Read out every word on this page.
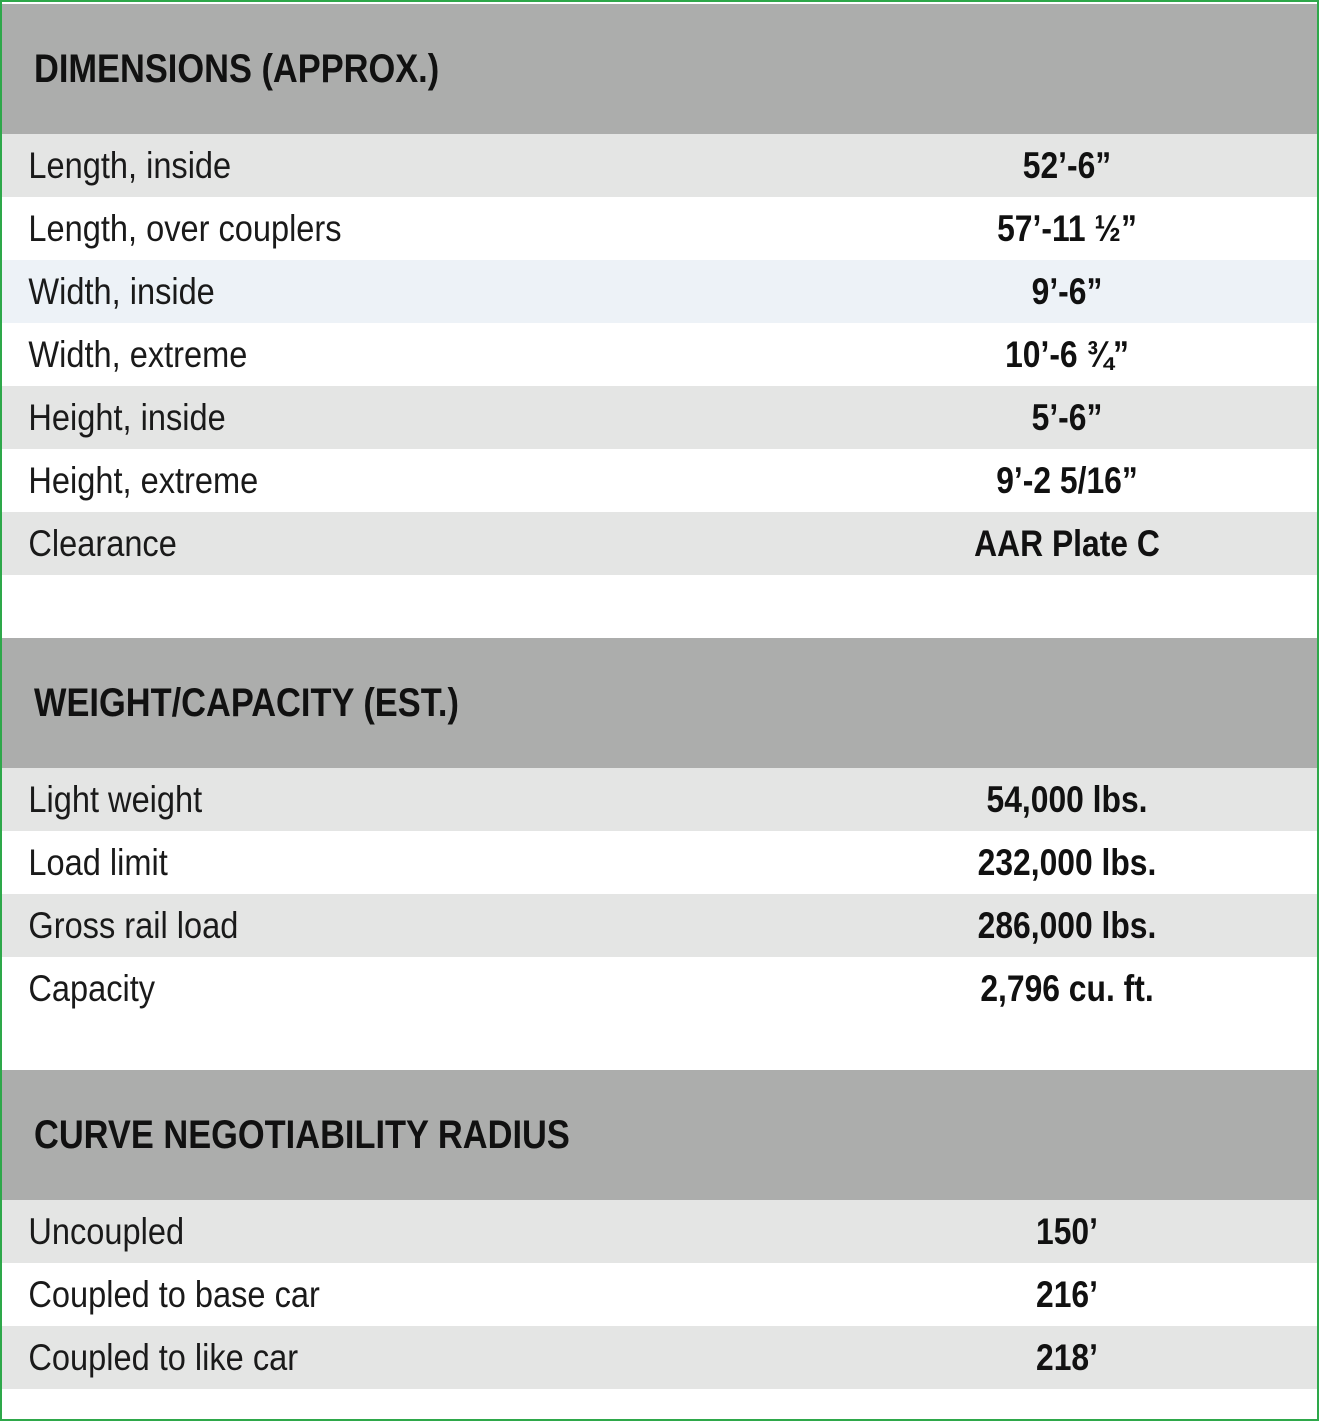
DIMENSIONS (APPROX.)
Length, inside	52’-6”
Length, over couplers	57’-11 ½”
Width, inside	9’-6”
Width, extreme	10’-6 ¾”
Height, inside	5’-6”
Height, extreme	9’-2 5/16”
Clearance	AAR Plate C
WEIGHT/CAPACITY (EST.)
Light weight	54,000 lbs.
Load limit	232,000 lbs.
Gross rail load	286,000 lbs.
Capacity	2,796 cu. ft.
CURVE NEGOTIABILITY RADIUS
Uncoupled	150’
Coupled to base car	216’
Coupled to like car	218’
